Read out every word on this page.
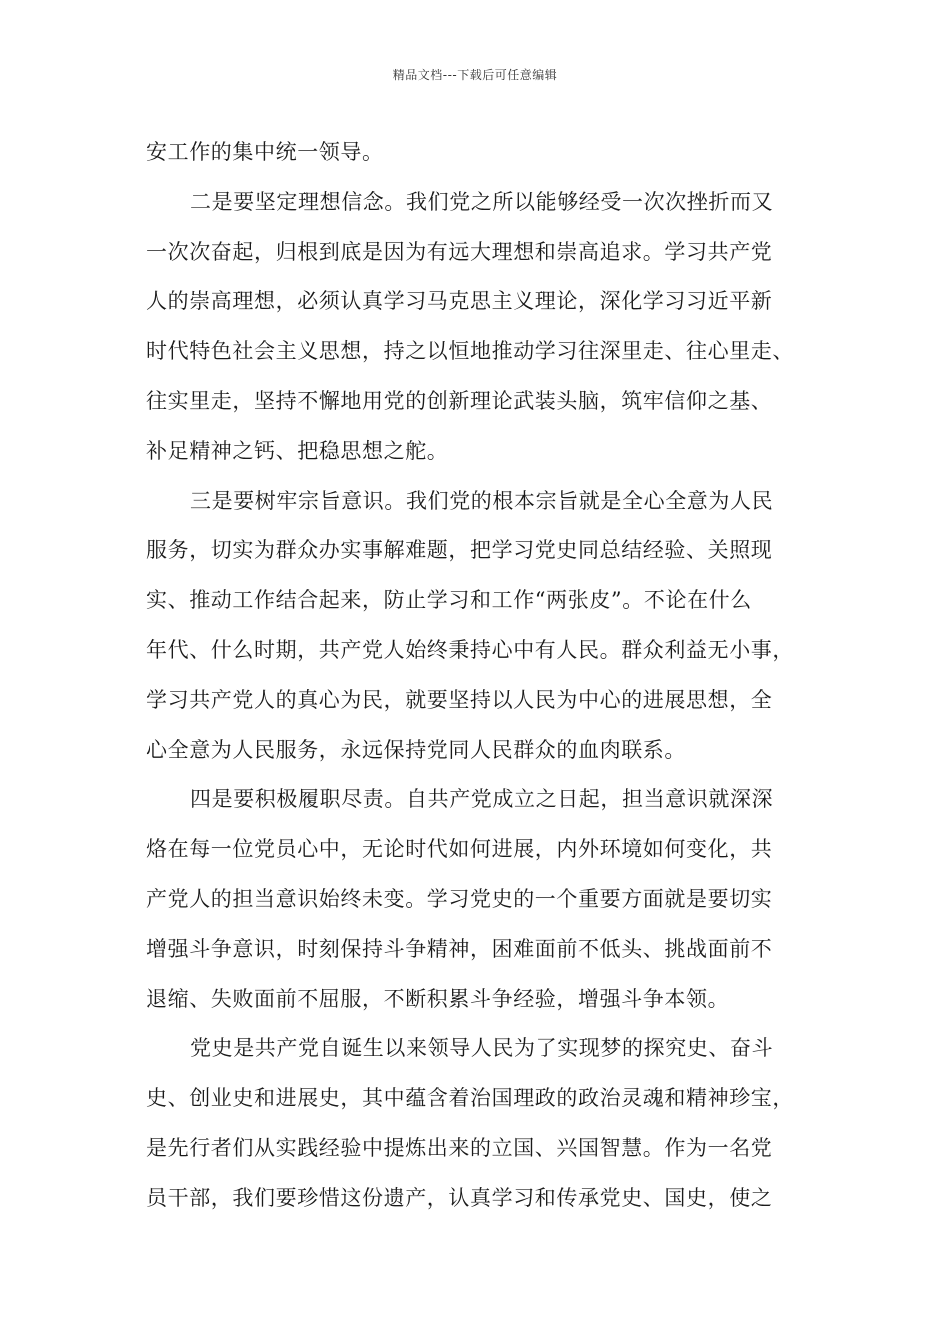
精品文档---下载后可任意编辑
安工作的集中统一领导。
二是要坚定理想信念。我们党之所以能够经受一次次挫折而又
一次次奋起，归根到底是因为有远大理想和崇高追求。学习共产党
人的崇高理想，必须认真学习马克思主义理论，深化学习习近平新
时代特色社会主义思想，持之以恒地推动学习往深里走、往心里走、
往实里走，坚持不懈地用党的创新理论武装头脑，筑牢信仰之基、
补足精神之钙、把稳思想之舵。
三是要树牢宗旨意识。我们党的根本宗旨就是全心全意为人民
服务，切实为群众办实事解难题，把学习党史同总结经验、关照现
实、推动工作结合起来，防止学习和工作“两张皮”。不论在什么
年代、什么时期，共产党人始终秉持心中有人民。群众利益无小事，
学习共产党人的真心为民，就要坚持以人民为中心的进展思想，全
心全意为人民服务，永远保持党同人民群众的血肉联系。
四是要积极履职尽责。自共产党成立之日起，担当意识就深深
烙在每一位党员心中，无论时代如何进展，内外环境如何变化，共
产党人的担当意识始终未变。学习党史的一个重要方面就是要切实
增强斗争意识，时刻保持斗争精神，困难面前不低头、挑战面前不
退缩、失败面前不屈服，不断积累斗争经验，增强斗争本领。
党史是共产党自诞生以来领导人民为了实现梦的探究史、奋斗
史、创业史和进展史，其中蕴含着治国理政的政治灵魂和精神珍宝，
是先行者们从实践经验中提炼出来的立国、兴国智慧。作为一名党
员干部，我们要珍惜这份遗产，认真学习和传承党史、国史，使之
